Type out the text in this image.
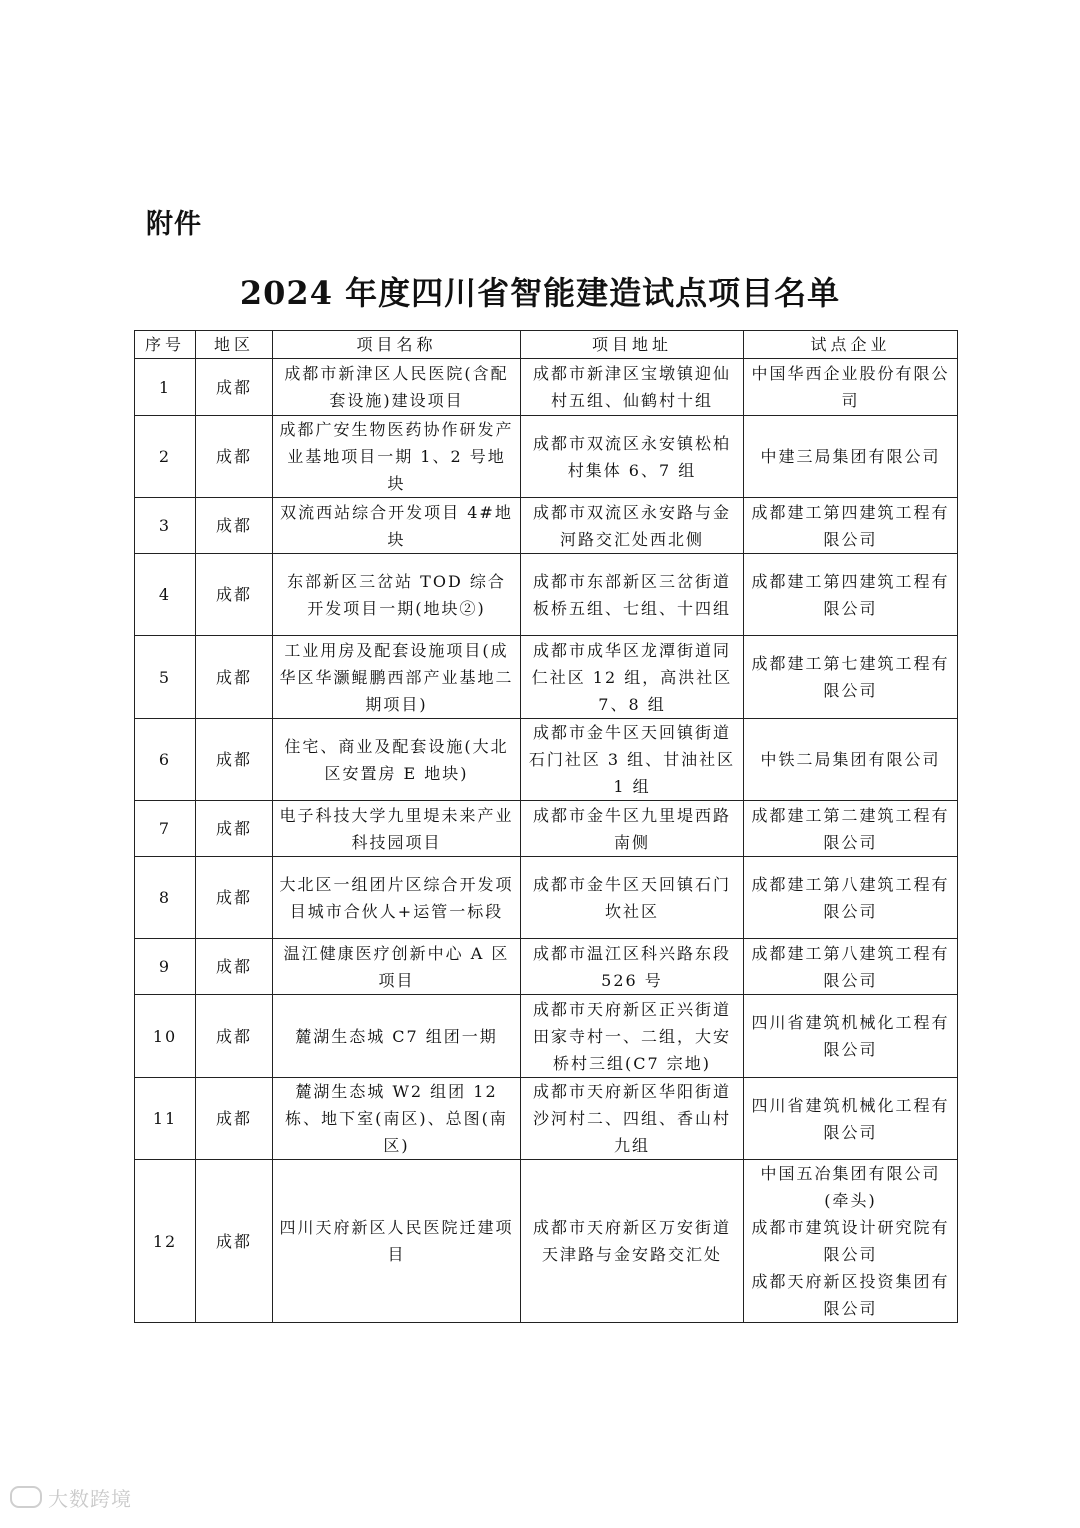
附件
2024 年度四川省智能建造试点项目名单
序号	地区	项目名称	项目地址	试点企业
1	成都	成都市新津区人民医院(含配套设施)建设项目	成都市新津区宝墩镇迎仙村五组、仙鹤村十组	中国华西企业股份有限公司

2	成都	成都广安生物医药协作研发产业基地项目一期 1、2 号地块	成都市双流区永安镇松柏村集体 6、7 组	中建三局集团有限公司

3	成都	双流西站综合开发项目 4#地块	成都市双流区永安路与金河路交汇处西北侧	成都建工第四建筑工程有限公司

4	成都	东部新区三岔站 TOD 综合开发项目一期(地块②)	成都市东部新区三岔街道板桥五组、七组、十四组	成都建工第四建筑工程有限公司

5	成都	工业用房及配套设施项目(成华区华灏鲲鹏西部产业基地二期项目)	成都市成华区龙潭街道同仁社区 12 组，高洪社区 7、8 组	成都建工第七建筑工程有限公司

6	成都	住宅、商业及配套设施(大北区安置房 E 地块)	成都市金牛区天回镇街道石门社区 3 组、甘油社区 1 组	中铁二局集团有限公司

7	成都	电子科技大学九里堤未来产业科技园项目	成都市金牛区九里堤西路南侧	成都建工第二建筑工程有限公司

8	成都	大北区一组团片区综合开发项目城市合伙人+运管一标段	成都市金牛区天回镇石门坎社区	成都建工第八建筑工程有限公司

9	成都	温江健康医疗创新中心 A 区项目	成都市温江区科兴路东段 526 号	成都建工第八建筑工程有限公司

10	成都	麓湖生态城 C7 组团一期	成都市天府新区正兴街道田家寺村一、二组，大安桥村三组(C7 宗地)	四川省建筑机械化工程有限公司

11	成都	麓湖生态城 W2 组团 12 栋、地下室(南区)、总图(南区)	成都市天府新区华阳街道沙河村二、四组、香山村九组	四川省建筑机械化工程有限公司

12	成都	四川天府新区人民医院迁建项目	成都市天府新区万安街道天津路与金安路交汇处	中国五冶集团有限公司(牵头)
成都市建筑设计研究院有限公司
成都天府新区投资集团有限公司
大数跨境
